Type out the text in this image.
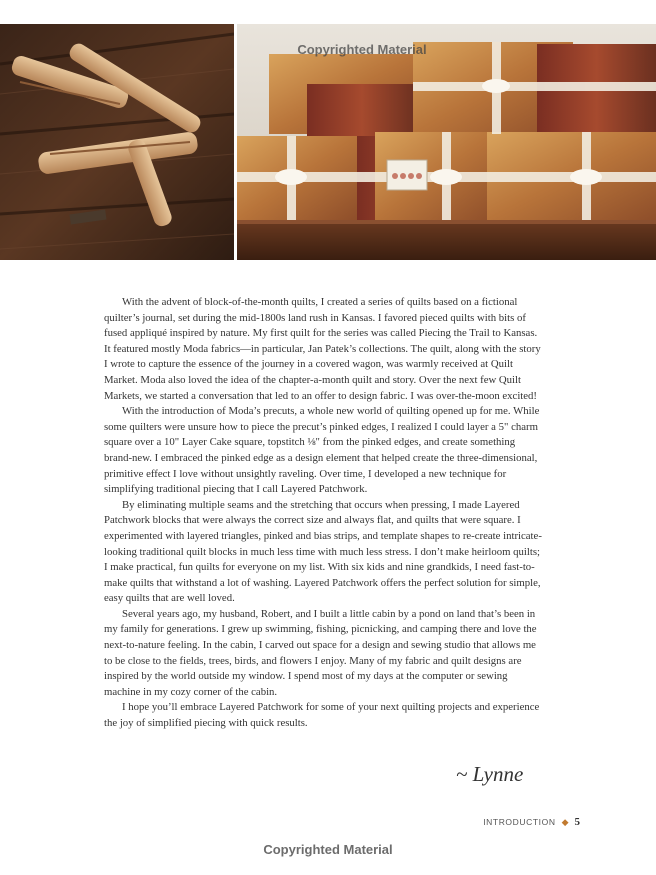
Copyrighted Material

With the advent of block-of-the-month quilts, I created a series of quilts based on a fictional quilter’s journal, set during the mid-1800s land rush in Kansas. I favored pieced quilts with bits of fused appliqué inspired by nature. My first quilt for the series was called Piecing the Trail to Kansas. It featured mostly Moda fabrics—in particular, Jan Patek’s collections. The quilt, along with the story I wrote to capture the essence of the journey in a covered wagon, was warmly received at Quilt Market. Moda also loved the idea of the chapter-a-month quilt and story. Over the next few Quilt Markets, we started a conversation that led to an offer to design fabric. I was over-the-moon excited!

With the introduction of Moda’s precuts, a whole new world of quilting opened up for me. While some quilters were unsure how to piece the precut’s pinked edges, I realized I could layer a 5" charm square over a 10" Layer Cake square, topstitch ⅛" from the pinked edges, and create something brand-new. I embraced the pinked edge as a design element that helped create the three-dimensional, primitive effect I love without unsightly raveling. Over time, I developed a new technique for simplifying traditional piecing that I call Layered Patchwork.

By eliminating multiple seams and the stretching that occurs when pressing, I made Layered Patchwork blocks that were always the correct size and always flat, and quilts that were square. I experimented with layered triangles, pinked and bias strips, and template shapes to re-create intricate-looking traditional quilt blocks in much less time with much less stress. I don’t make heirloom quilts; I make practical, fun quilts for everyone on my list. With six kids and nine grandkids, I need fast-to-make quilts that withstand a lot of washing. Layered Patchwork offers the perfect solution for simple, easy quilts that are well loved.

Several years ago, my husband, Robert, and I built a little cabin by a pond on land that’s been in my family for generations. I grew up swimming, fishing, picnicking, and camping there and love the next-to-nature feeling. In the cabin, I carved out space for a design and sewing studio that allows me to be close to the fields, trees, birds, and flowers I enjoy. Many of my fabric and quilt designs are inspired by the world outside my window. I spend most of my days at the computer or sewing machine in my cozy corner of the cabin.

I hope you’ll embrace Layered Patchwork for some of your next quilting projects and experience the joy of simplified piecing with quick results.

~ Lynne
INTRODUCTION ◆ 5
Copyrighted Material
